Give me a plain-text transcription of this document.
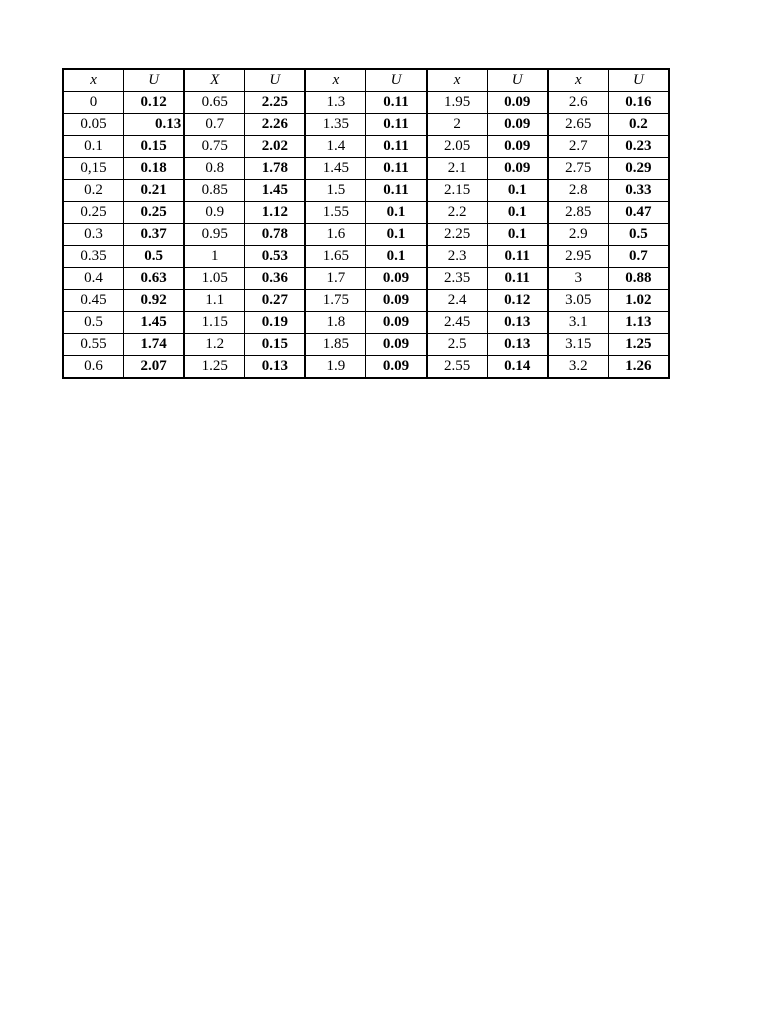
x	U	X	U	x	U	x	U	x	U
0	0.12	0.65	2.25	1.3	0.11	1.95	0.09	2.6	0.16
0.05	0.13	0.7	2.26	1.35	0.11	2	0.09	2.65	0.2
0.1	0.15	0.75	2.02	1.4	0.11	2.05	0.09	2.7	0.23
0,15	0.18	0.8	1.78	1.45	0.11	2.1	0.09	2.75	0.29
0.2	0.21	0.85	1.45	1.5	0.11	2.15	0.1	2.8	0.33
0.25	0.25	0.9	1.12	1.55	0.1	2.2	0.1	2.85	0.47
0.3	0.37	0.95	0.78	1.6	0.1	2.25	0.1	2.9	0.5
0.35	0.5	1	0.53	1.65	0.1	2.3	0.11	2.95	0.7
0.4	0.63	1.05	0.36	1.7	0.09	2.35	0.11	3	0.88
0.45	0.92	1.1	0.27	1.75	0.09	2.4	0.12	3.05	1.02
0.5	1.45	1.15	0.19	1.8	0.09	2.45	0.13	3.1	1.13
0.55	1.74	1.2	0.15	1.85	0.09	2.5	0.13	3.15	1.25
0.6	2.07	1.25	0.13	1.9	0.09	2.55	0.14	3.2	1.26
